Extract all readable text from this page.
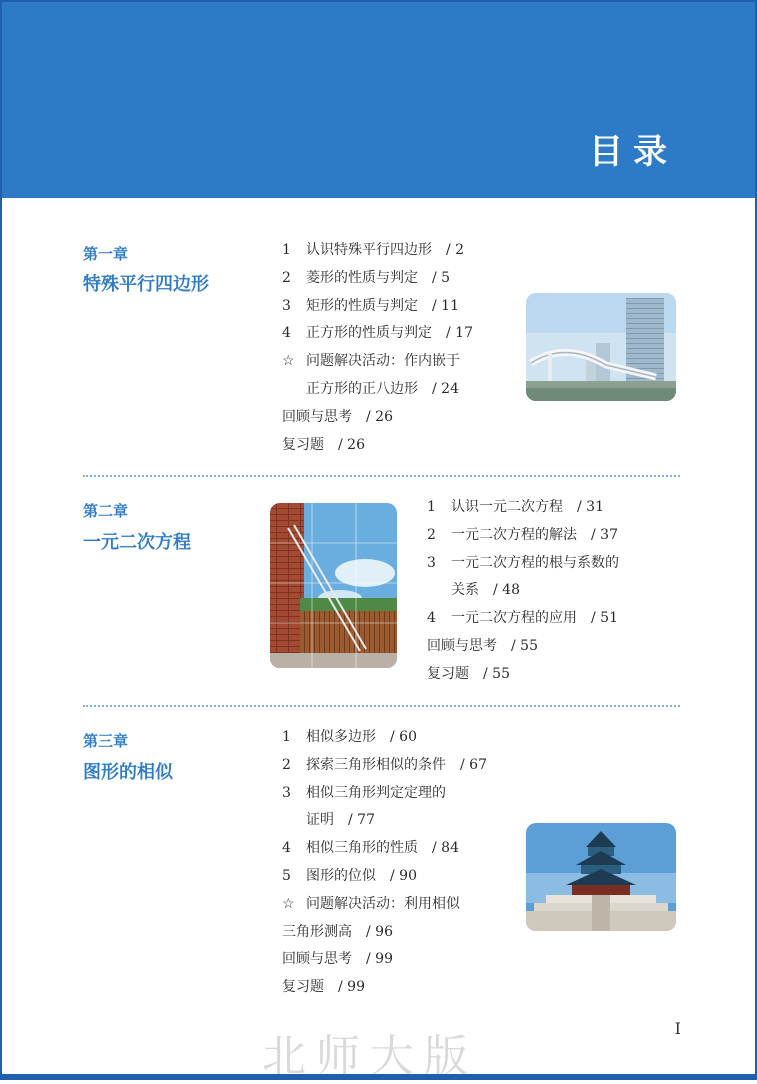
目录
第一章
特殊平行四边形
1 认识特殊平行四边形　/ 2
2 菱形的性质与判定　/ 5
3 矩形的性质与判定　/ 11
4 正方形的性质与判定　/ 17
☆ 问题解决活动：作内嵌于
正方形的正八边形　/ 24
回顾与思考　/ 26
复习题　/ 26
第二章
一元二次方程
1 认识一元二次方程　/ 31
2 一元二次方程的解法　/ 37
3 一元二次方程的根与系数的
关系　/ 48
4 一元二次方程的应用　/ 51
回顾与思考　/ 55
复习题　/ 55
第三章
图形的相似
1 相似多边形　/ 60
2 探索三角形相似的条件　/ 67
3 相似三角形判定定理的
证明　/ 77
4 相似三角形的性质　/ 84
5 图形的位似　/ 90
☆ 问题解决活动：利用相似
三角形测高　/ 96
回顾与思考　/ 99
复习题　/ 99
I
北师大版
